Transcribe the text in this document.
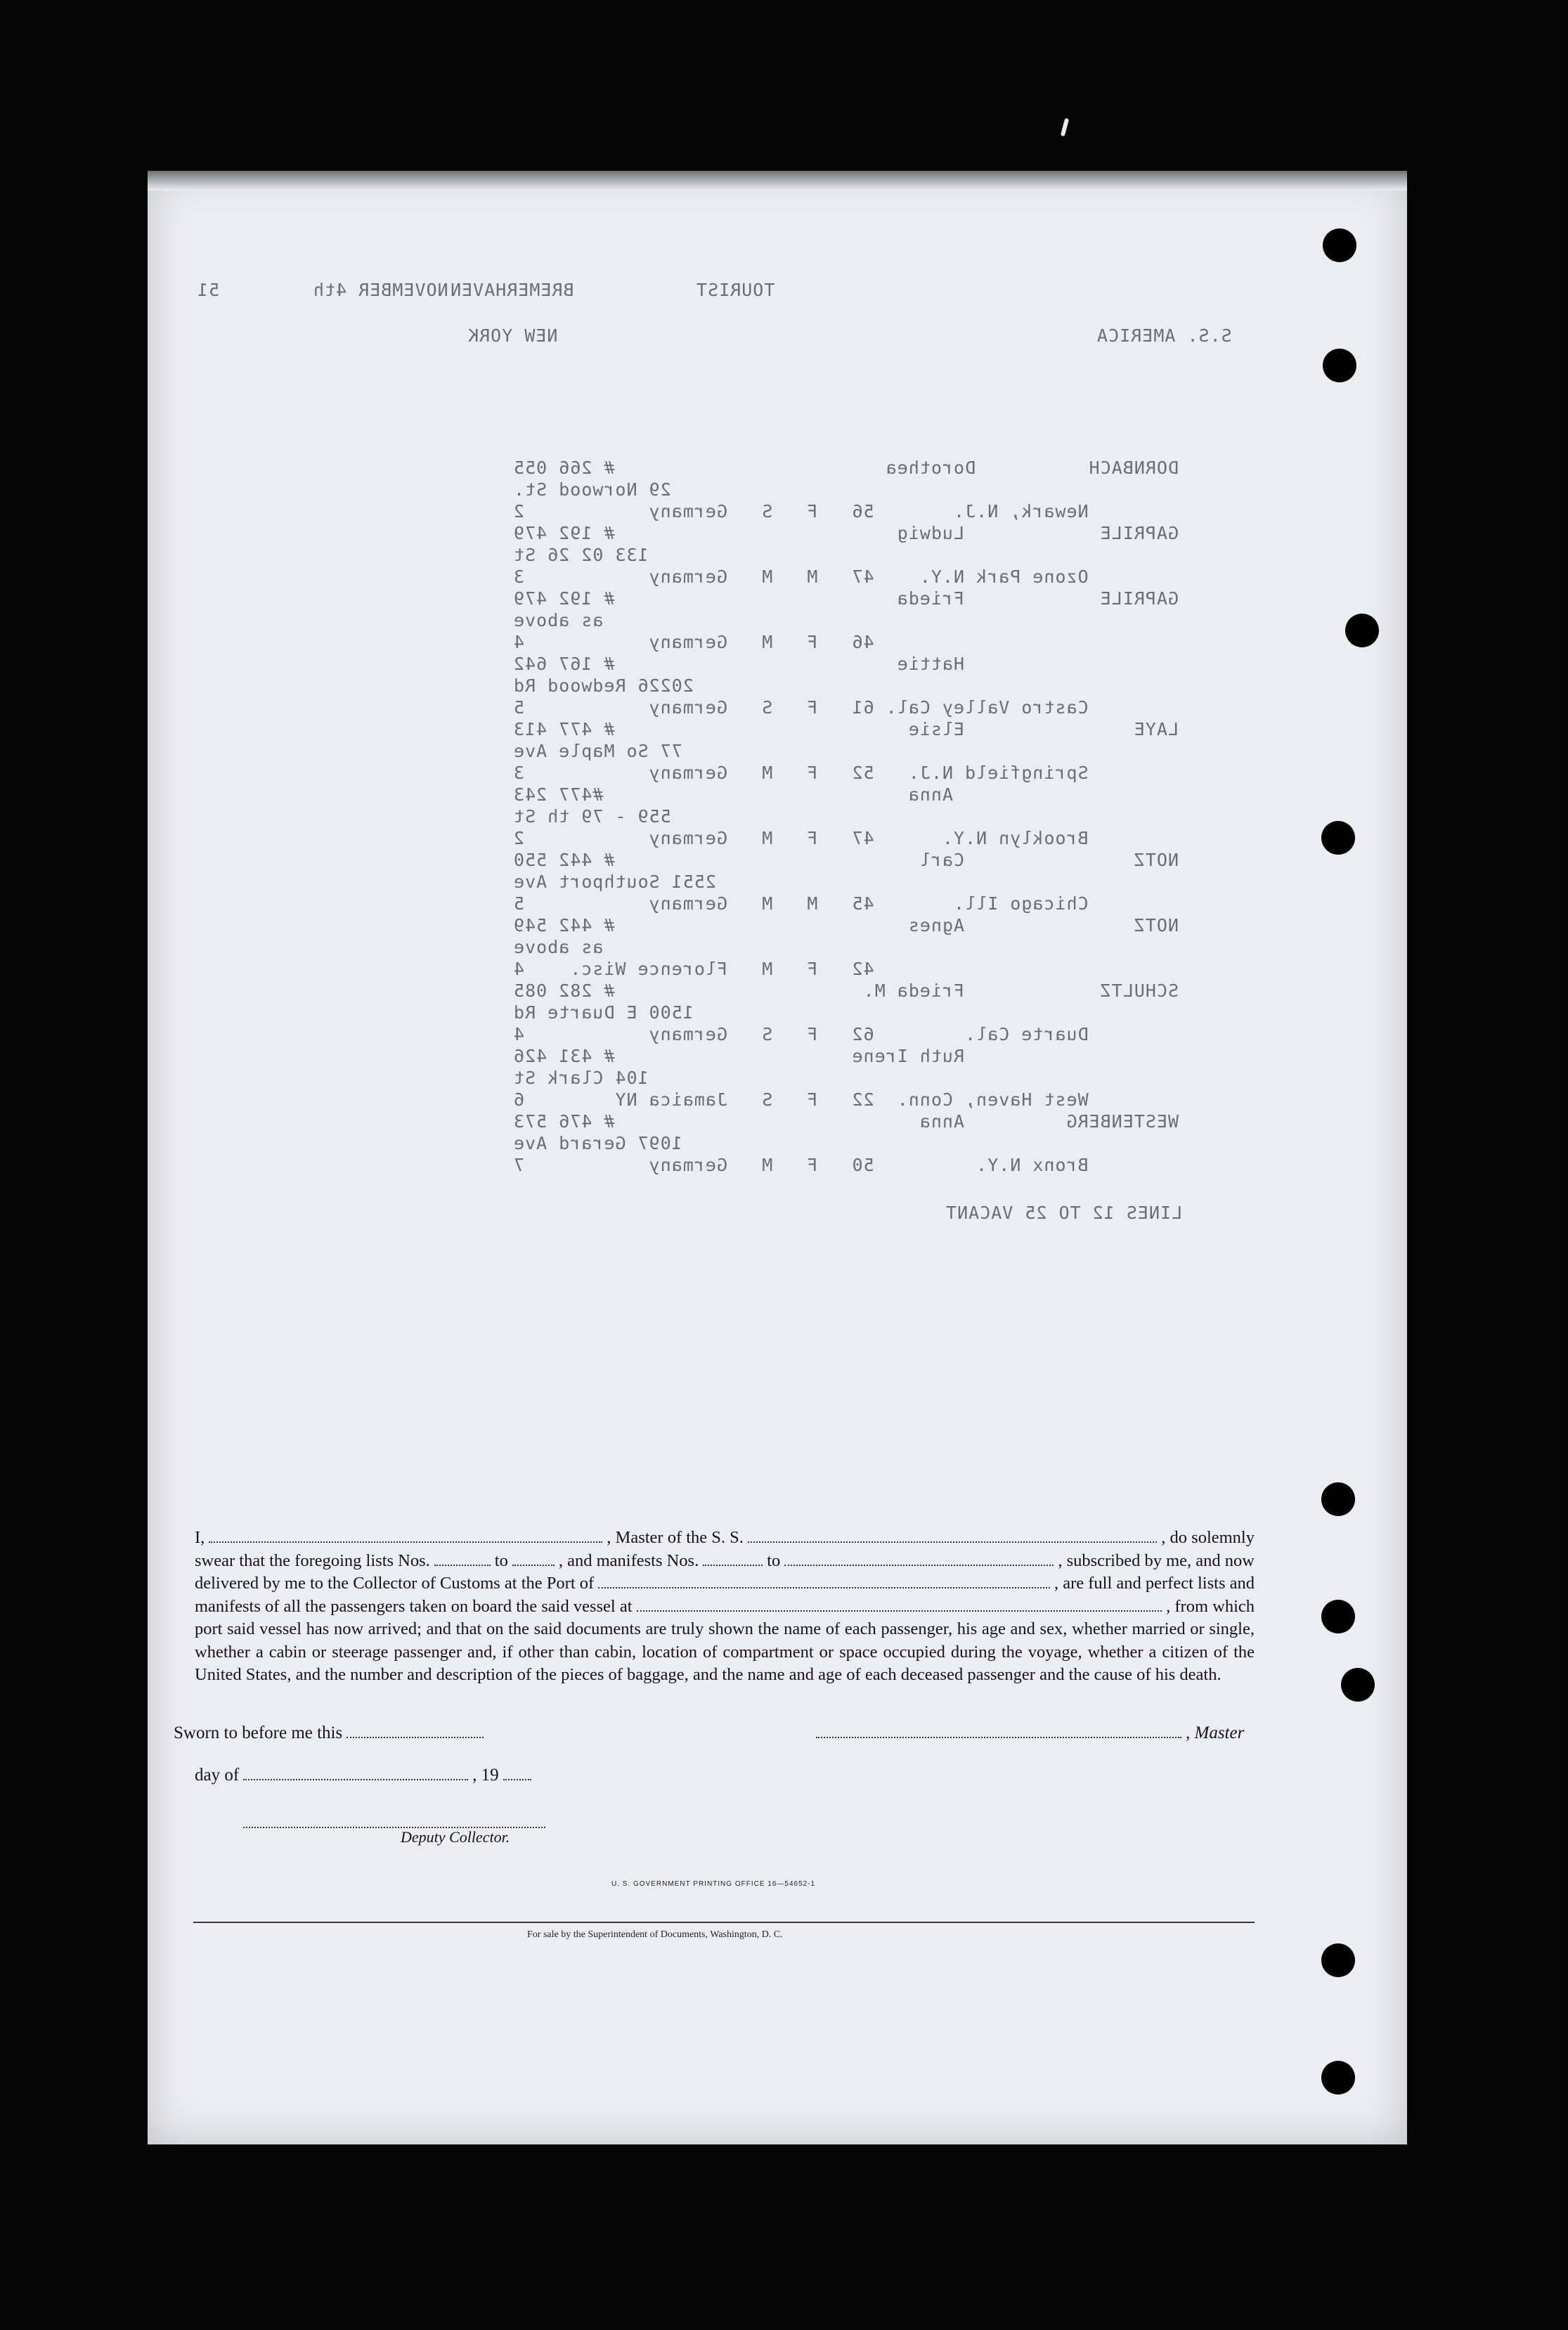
51	NOVEMBER 4th BREMERHAVEN	TOURIST
NEW YORK	S.S. AMERICA
DORNBACH          Dorothea                        # 266 055
29 Norwood St.
Newark, N.J.       56   F   S   Germany           2
GAPRILE            Ludwig                         # 192 479
133 02 26 St
Ozone Park N.Y.    47   M   M   Germany           3
GAPRILE            Frieda                         # 192 479
as above
46   F   M   Germany           4
Hattie                         # 167 642
20226 Redwood Rd
Castro Valley Cal. 61   F   S   Germany           5
LAYE               Elsie                          # 477 413
77 So Maple Ave
Springfield N.J.   52   F   M   Germany           3
Anna                           #477 243
559 - 79 th St
Brooklyn N.Y.      47   F   M   Germany           2
NOTZ               Carl                           # 442 550
2551 Southport Ave
Chicago Ill.       45   M   M   Germany           5
NOTZ               Agnes                          # 442 549
as above
42   F   M   Florence Wisc.    4
SCHULTZ            Frieda M.                      # 282 085
1500 E Duarte Rd
Duarte Cal.        62   F   S   Germany           4
Ruth Irene                     # 431 426
104 Clark St
West Haven, Conn.  22   F   S   Jamaica NY        6
WESTENBERG         Anna                           # 476 573
1097 Gerard Ave
Bronx N.Y.         50   F   M   Germany           7
LINES 12 TO 25 VACANT
I,	, Master of the S. S.	, do solemnly
swear that the foregoing lists Nos.	to	, and manifests Nos.	to	, subscribed by me, and now
delivered by me to the Collector of Customs at the Port of	, are full and perfect lists and
manifests of all the passengers taken on board the said vessel at	, from which

port said vessel has now arrived; and that on the said documents are truly shown the name of each passenger, his age and sex, whether married or single, whether a cabin or steerage passenger and, if other than cabin, location of compartment or space occupied during the voyage, whether a citizen of the United States, and the number and description of the pieces of baggage, and the name and age of each deceased passenger and the cause of his death.

Sworn to before me this	, Master
day of	, 19
Deputy Collector.
U. S. GOVERNMENT PRINTING OFFICE 16—54652-1
For sale by the Superintendent of Documents, Washington, D. C.
